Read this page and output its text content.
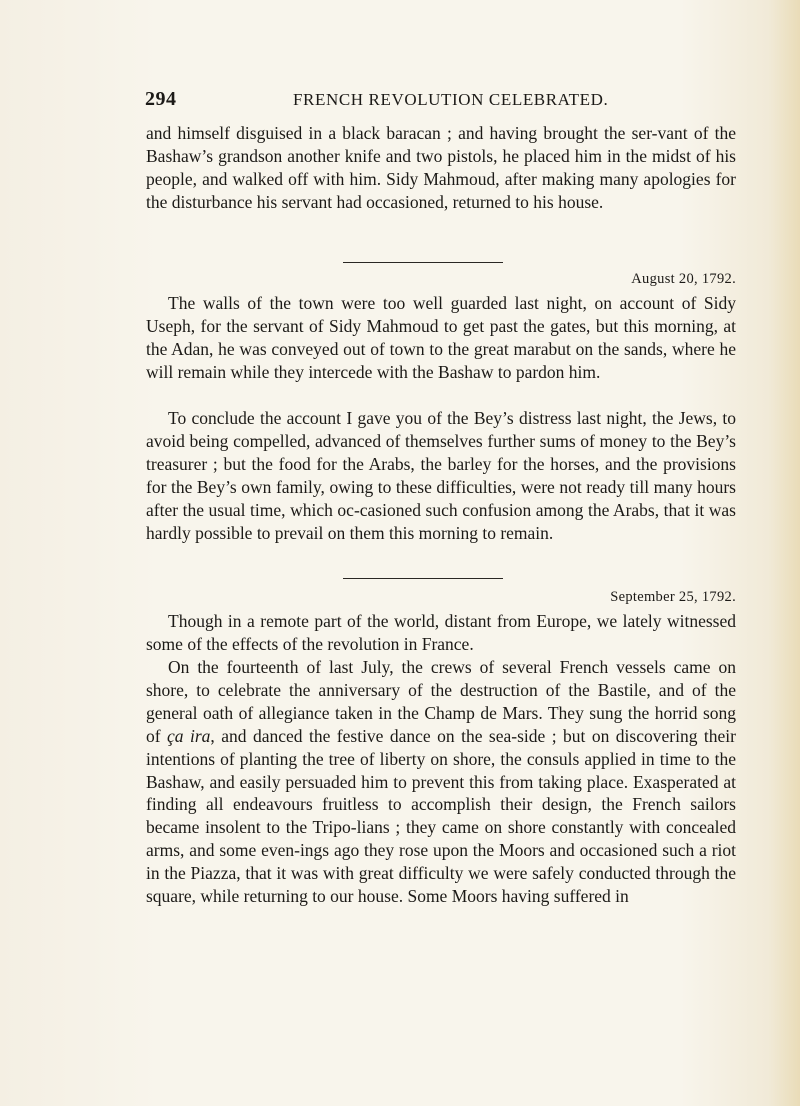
294	FRENCH REVOLUTION CELEBRATED.

and himself disguised in a black baracan ; and having brought the ser-vant of the Bashaw’s grandson another knife and two pistols, he placed him in the midst of his people, and walked off with him. Sidy Mahmoud, after making many apologies for the disturbance his servant had occasioned, returned to his house.

August 20, 1792.

The walls of the town were too well guarded last night, on account of Sidy Useph, for the servant of Sidy Mahmoud to get past the gates, but this morning, at the Adan, he was conveyed out of town to the great marabut on the sands, where he will remain while they intercede with the Bashaw to pardon him.

To conclude the account I gave you of the Bey’s distress last night, the Jews, to avoid being compelled, advanced of themselves further sums of money to the Bey’s treasurer ; but the food for the Arabs, the barley for the horses, and the provisions for the Bey’s own family, owing to these difficulties, were not ready till many hours after the usual time, which oc-casioned such confusion among the Arabs, that it was hardly possible to prevail on them this morning to remain.

September 25, 1792.

Though in a remote part of the world, distant from Europe, we lately witnessed some of the effects of the revolution in France.

On the fourteenth of last July, the crews of several French vessels came on shore, to celebrate the anniversary of the destruction of the Bastile, and of the general oath of allegiance taken in the Champ de Mars. They sung the horrid song of ça ira, and danced the festive dance on the sea-side ; but on discovering their intentions of planting the tree of liberty on shore, the consuls applied in time to the Bashaw, and easily persuaded him to prevent this from taking place. Exasperated at finding all endeavours fruitless to accomplish their design, the French sailors became insolent to the Tripo-lians ; they came on shore constantly with concealed arms, and some even-ings ago they rose upon the Moors and occasioned such a riot in the Piazza, that it was with great difficulty we were safely conducted through the square, while returning to our house. Some Moors having suffered in
